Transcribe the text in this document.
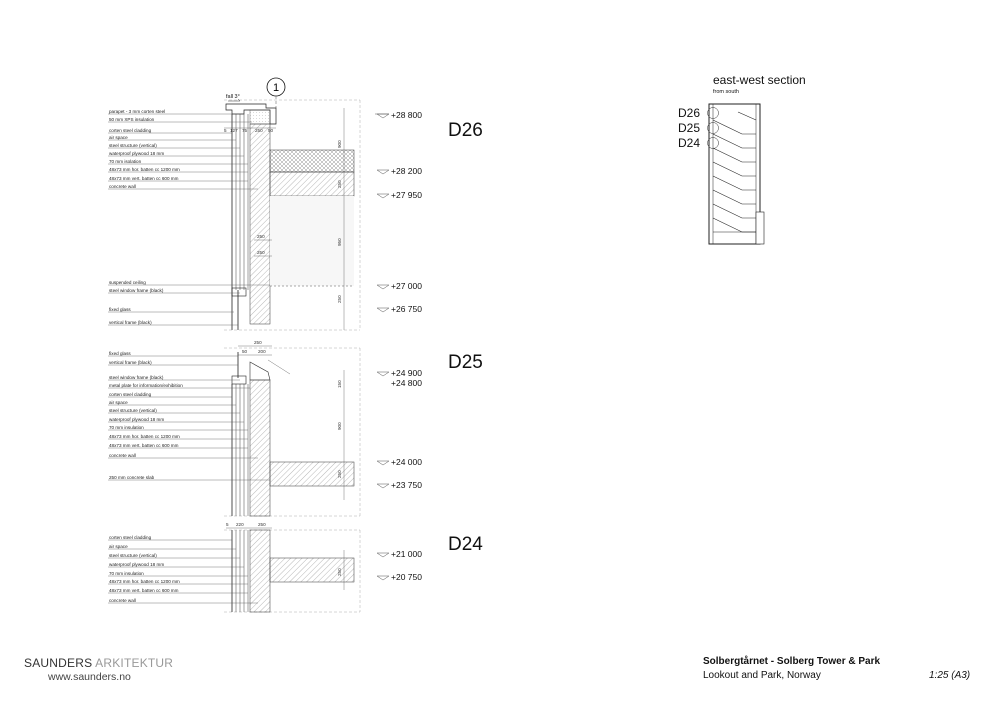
1
fall 3°
parapet - 3 mm corten steel
50 mm XPS insulation
corten steel cladding
air space
steel structure (vertical)
waterproof plywood 18 mm
70 mm isolation
48x73 mm hor. batten cc 1200 mm
48x73 mm vert. batten cc 600 mm
concrete wall
suspended ceiling
steel window frame (black)
fixed glass
vertical frame (black)
5 127 75 250 50
900
250
950
250
250
250
+28 800
+28 200
+27 950
+27 000
+26 750
D26
fixed glass
vertical frame (black)
steel window frame (black)
metal plate for information/exhibition
corten steel cladding
air space
steel structure (vertical)
waterproof plywood 18 mm
70 mm insulation
48x73 mm hor. batten cc 1200 mm
48x73 mm vert. batten cc 600 mm
concrete wall
250 mm concrete slab
250
50 200
150
900
250
+24 900
+24 800
+24 000
+23 750
D25
corten steel cladding
air space
steel structure (vertical)
waterproof plywood 18 mm
70 mm insulation
48x73 mm hor. batten cc 1200 mm
48x73 mm vert. batten cc 600 mm
concrete wall
5 220	250
250
+21 000
+20 750
D24
east-west section
from south
D26
D25
D24
SAUNDERS ARKITEKTUR
www.saunders.no
Solbergtårnet - Solberg Tower & Park
Lookout and Park, Norway	1:25 (A3)
